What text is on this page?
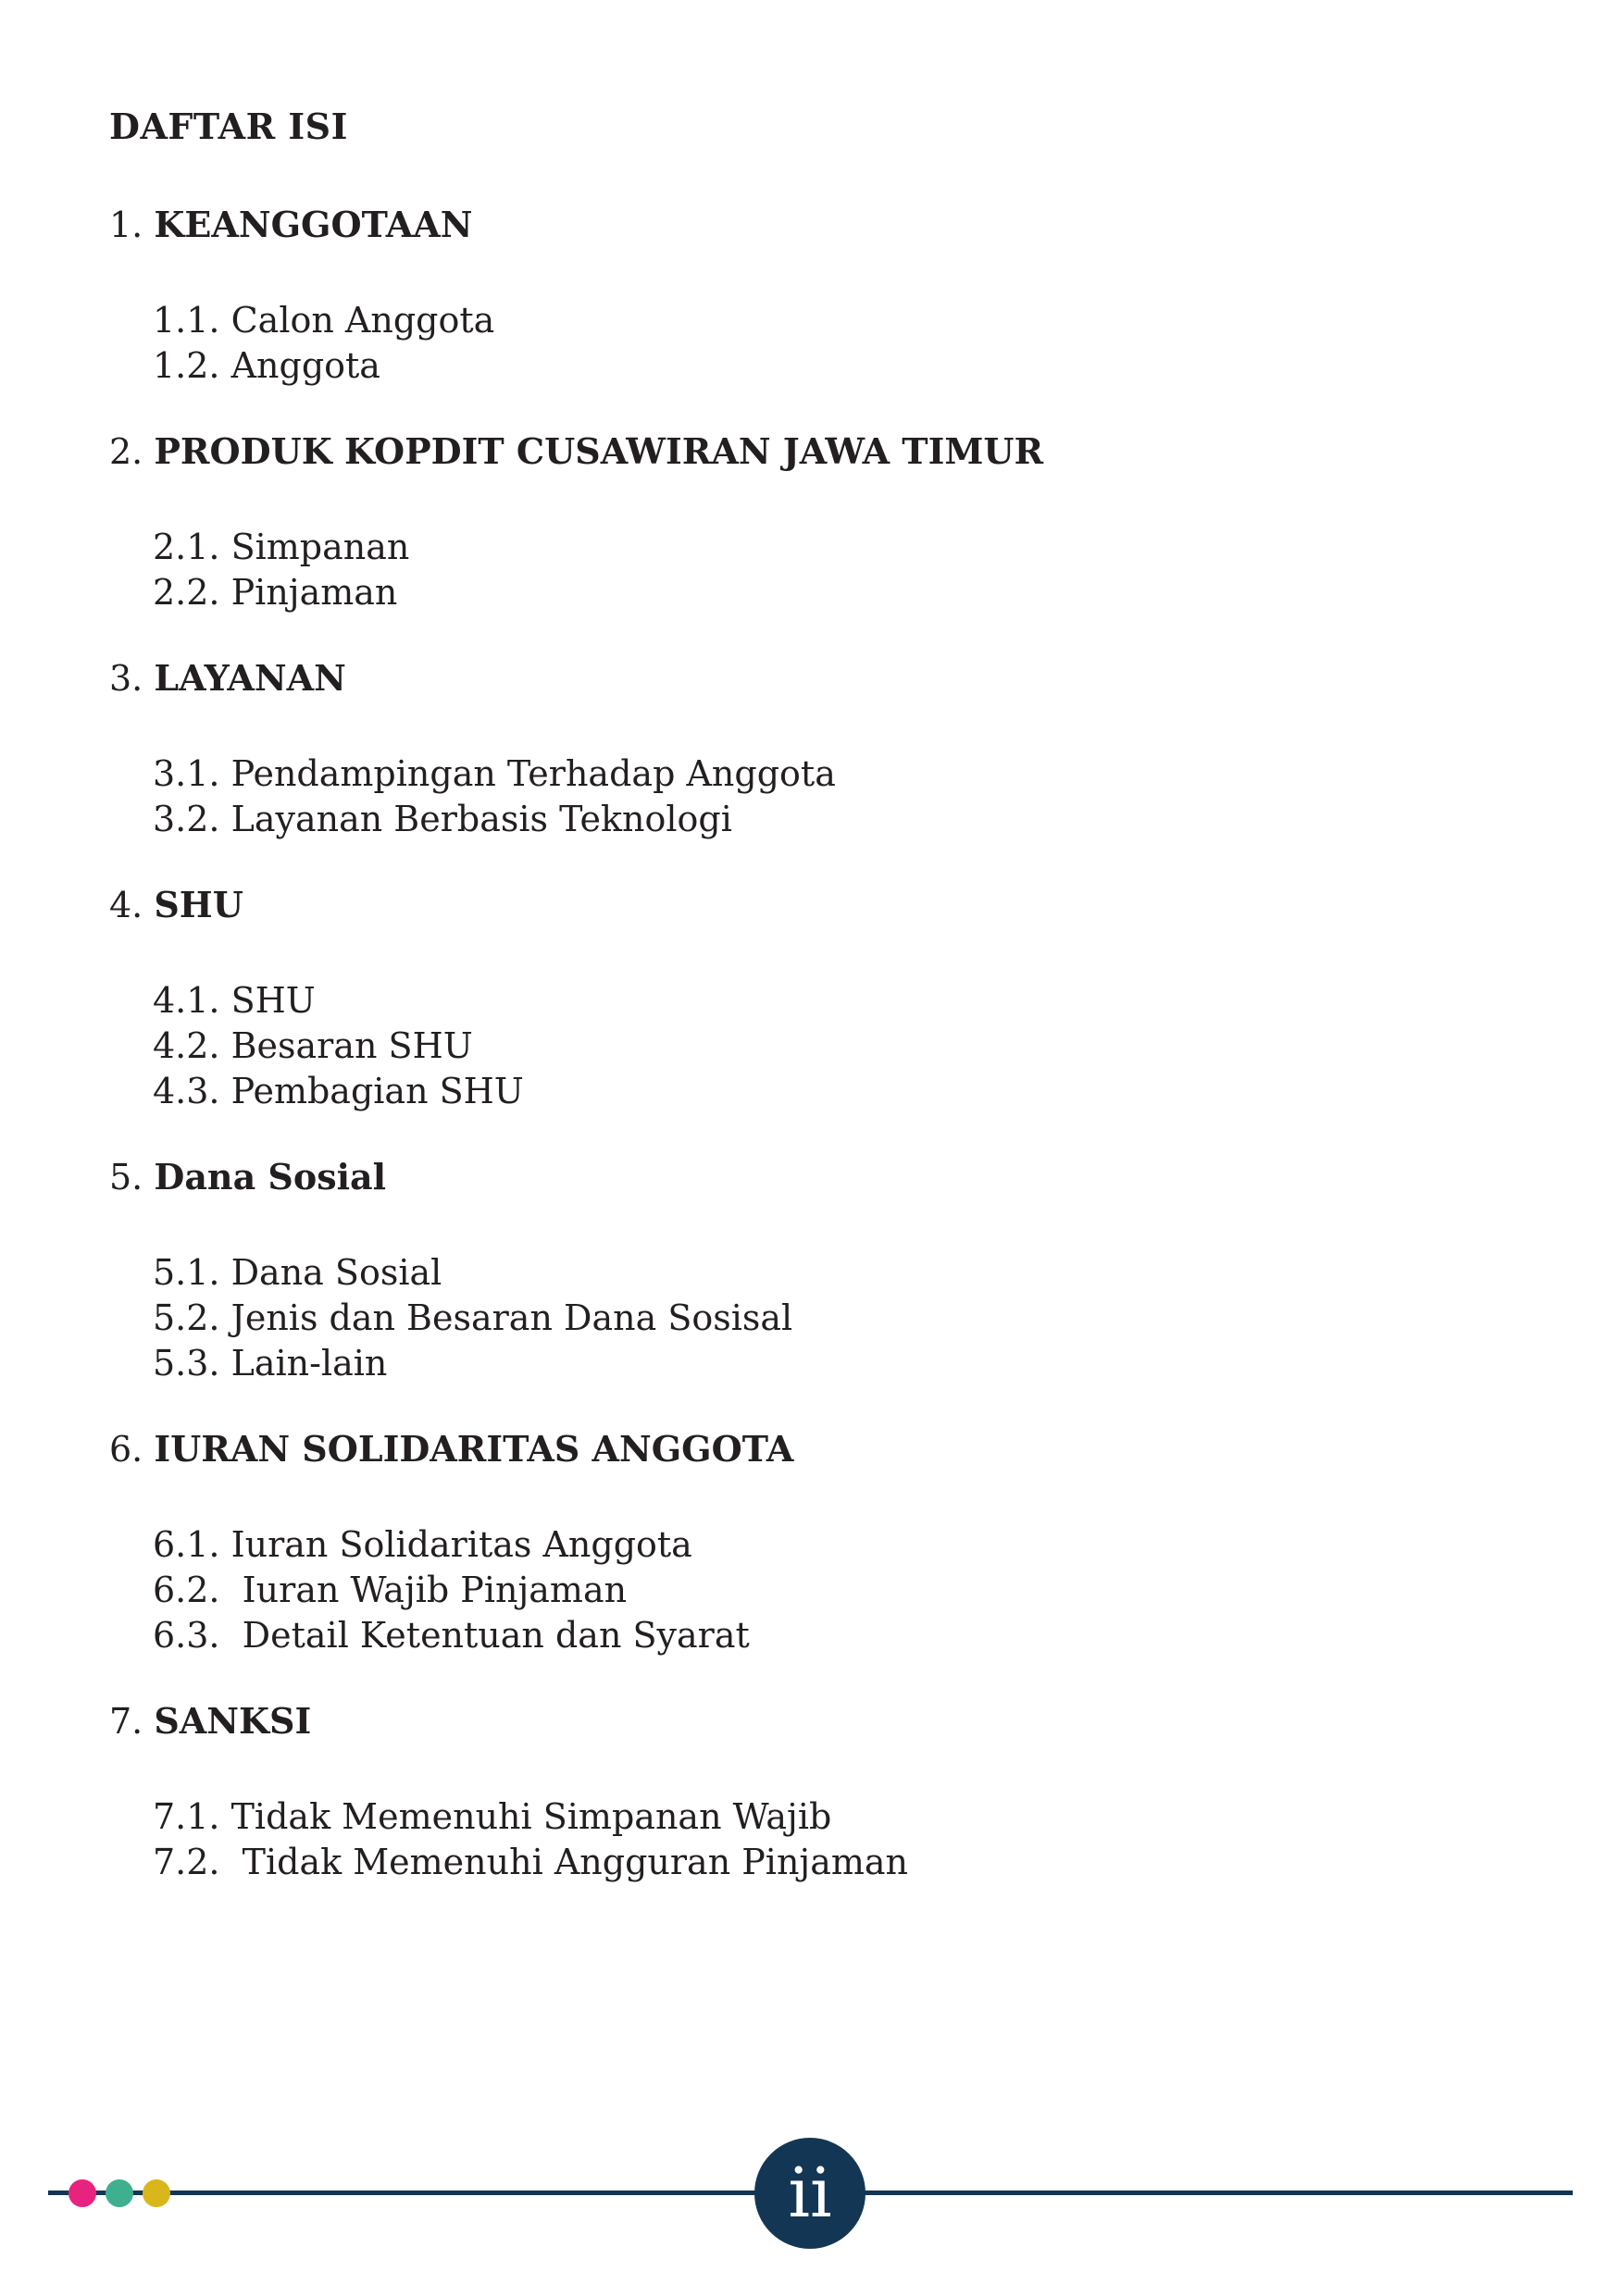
DAFTAR ISI
1. KEANGGOTAAN
1.1. Calon Anggota
1.2. Anggota
2. PRODUK KOPDIT CUSAWIRAN JAWA TIMUR
2.1. Simpanan
2.2. Pinjaman
3. LAYANAN
3.1. Pendampingan Terhadap Anggota
3.2. Layanan Berbasis Teknologi
4. SHU
4.1. SHU
4.2. Besaran SHU
4.3. Pembagian SHU
5. Dana Sosial
5.1. Dana Sosial
5.2. Jenis dan Besaran Dana Sosisal
5.3. Lain-lain
6. IURAN SOLIDARITAS ANGGOTA
6.1. Iuran Solidaritas Anggota
6.2.  Iuran Wajib Pinjaman
6.3.  Detail Ketentuan dan Syarat
7. SANKSI
7.1. Tidak Memenuhi Simpanan Wajib
7.2.  Tidak Memenuhi Angguran Pinjaman
ii
